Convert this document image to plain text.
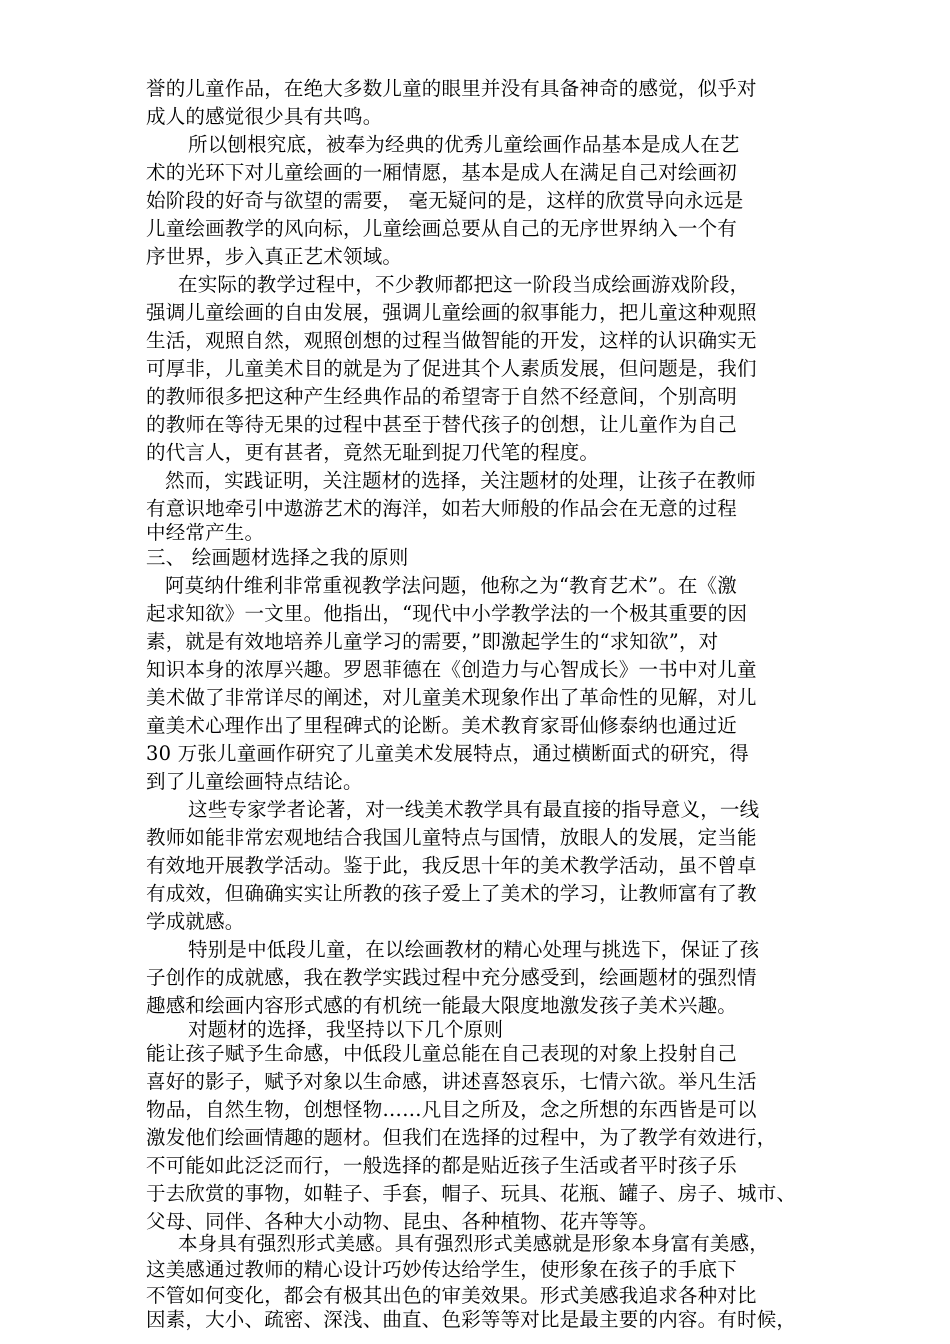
誉的儿童作品，在绝大多数儿童的眼里并没有具备神奇的感觉，似乎对
成人的感觉很少具有共鸣。
所以刨根究底，被奉为经典的优秀儿童绘画作品基本是成人在艺
术的光环下对儿童绘画的一厢情愿，基本是成人在满足自己对绘画初
始阶段的好奇与欲望的需要， 毫无疑问的是，这样的欣赏导向永远是
儿童绘画教学的风向标，儿童绘画总要从自己的无序世界纳入一个有
序世界，步入真正艺术领域。
在实际的教学过程中，不少教师都把这一阶段当成绘画游戏阶段，
强调儿童绘画的自由发展，强调儿童绘画的叙事能力，把儿童这种观照
生活，观照自然，观照创想的过程当做智能的开发，这样的认识确实无
可厚非，儿童美术目的就是为了促进其个人素质发展，但问题是，我们
的教师很多把这种产生经典作品的希望寄于自然不经意间，个别高明
的教师在等待无果的过程中甚至于替代孩子的创想，让儿童作为自己
的代言人，更有甚者，竟然无耻到捉刀代笔的程度。
然而，实践证明，关注题材的选择，关注题材的处理，让孩子在教师
有意识地牵引中遨游艺术的海洋，如若大师般的作品会在无意的过程
中经常产生。
三、 绘画题材选择之我的原则
阿莫纳什维利非常重视教学法问题，他称之为“教育艺术”。在《激
起求知欲》一文里。他指出，“现代中小学教学法的一个极其重要的因
素，就是有效地培养儿童学习的需要，”即激起学生的“求知欲”，对
知识本身的浓厚兴趣。罗恩菲德在《创造力与心智成长》一书中对儿童
美术做了非常详尽的阐述，对儿童美术现象作出了革命性的见解，对儿
童美术心理作出了里程碑式的论断。美术教育家哥仙修泰纳也通过近
30 万张儿童画作研究了儿童美术发展特点，通过横断面式的研究，得
到了儿童绘画特点结论。
这些专家学者论著，对一线美术教学具有最直接的指导意义，一线
教师如能非常宏观地结合我国儿童特点与国情，放眼人的发展，定当能
有效地开展教学活动。鉴于此，我反思十年的美术教学活动，虽不曾卓
有成效，但确确实实让所教的孩子爱上了美术的学习，让教师富有了教
学成就感。
特别是中低段儿童，在以绘画教材的精心处理与挑选下，保证了孩
子创作的成就感，我在教学实践过程中充分感受到，绘画题材的强烈情
趣感和绘画内容形式感的有机统一能最大限度地激发孩子美术兴趣。
对题材的选择，我坚持以下几个原则
能让孩子赋予生命感，中低段儿童总能在自己表现的对象上投射自己
喜好的影子，赋予对象以生命感，讲述喜怒哀乐，七情六欲。举凡生活
物品，自然生物，创想怪物……凡目之所及，念之所想的东西皆是可以
激发他们绘画情趣的题材。但我们在选择的过程中，为了教学有效进行，
不可能如此泛泛而行，一般选择的都是贴近孩子生活或者平时孩子乐
于去欣赏的事物，如鞋子、手套，帽子、玩具、花瓶、罐子、房子、城市、
父母、同伴、各种大小动物、昆虫、各种植物、花卉等等。
本身具有强烈形式美感。具有强烈形式美感就是形象本身富有美感，
这美感通过教师的精心设计巧妙传达给学生，使形象在孩子的手底下
不管如何变化，都会有极其出色的审美效果。形式美感我追求各种对比
因素，大小、疏密、深浅、曲直、色彩等等对比是最主要的内容。有时候，
